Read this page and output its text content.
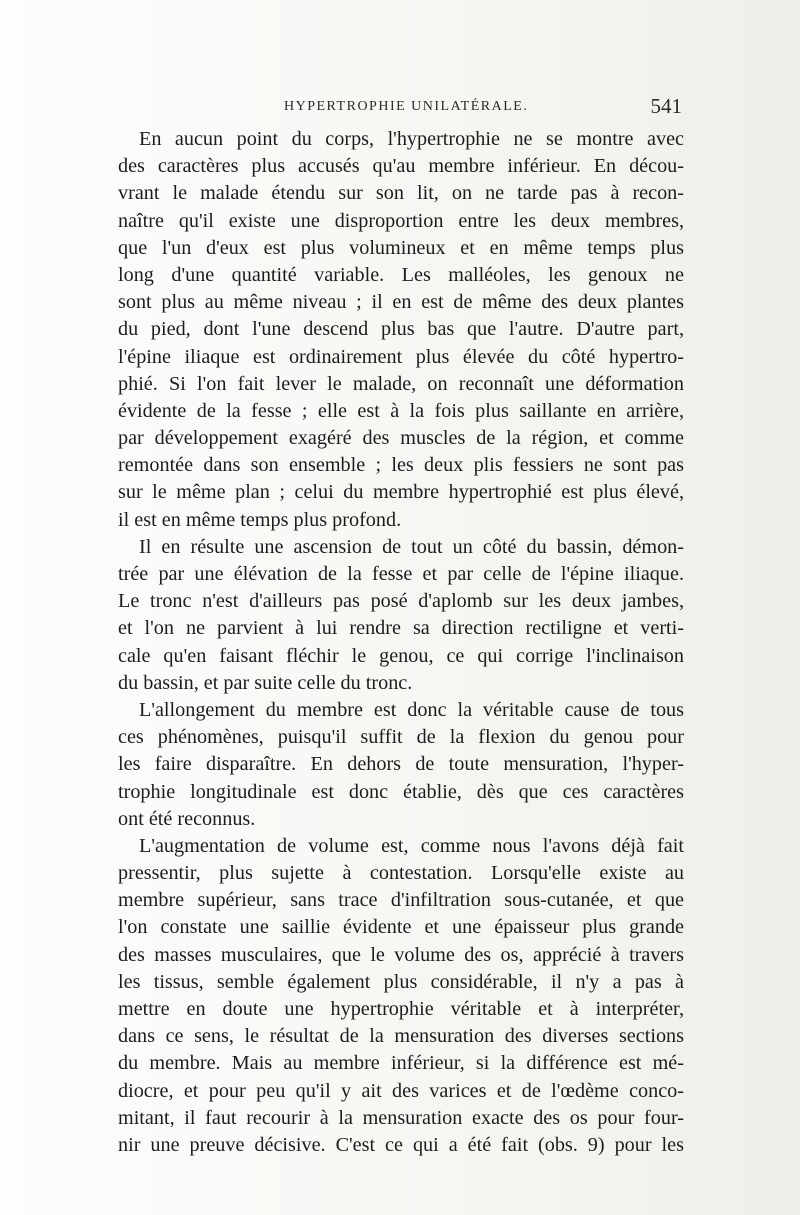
HYPERTROPHIE UNILATÉRALE.	541
En aucun point du corps, l'hypertrophie ne se montre avec
des caractères plus accusés qu'au membre inférieur. En décou-
vrant le malade étendu sur son lit, on ne tarde pas à recon-
naître qu'il existe une disproportion entre les deux membres,
que l'un d'eux est plus volumineux et en même temps plus
long d'une quantité variable. Les malléoles, les genoux ne
sont plus au même niveau ; il en est de même des deux plantes
du pied, dont l'une descend plus bas que l'autre. D'autre part,
l'épine iliaque est ordinairement plus élevée du côté hypertro-
phié. Si l'on fait lever le malade, on reconnaît une déformation
évidente de la fesse ; elle est à la fois plus saillante en arrière,
par développement exagéré des muscles de la région, et comme
remontée dans son ensemble ; les deux plis fessiers ne sont pas
sur le même plan ; celui du membre hypertrophié est plus élevé,
il est en même temps plus profond.
Il en résulte une ascension de tout un côté du bassin, démon-
trée par une élévation de la fesse et par celle de l'épine iliaque.
Le tronc n'est d'ailleurs pas posé d'aplomb sur les deux jambes,
et l'on ne parvient à lui rendre sa direction rectiligne et verti-
cale qu'en faisant fléchir le genou, ce qui corrige l'inclinaison
du bassin, et par suite celle du tronc.
L'allongement du membre est donc la véritable cause de tous
ces phénomènes, puisqu'il suffit de la flexion du genou pour
les faire disparaître. En dehors de toute mensuration, l'hyper-
trophie longitudinale est donc établie, dès que ces caractères
ont été reconnus.
L'augmentation de volume est, comme nous l'avons déjà fait
pressentir, plus sujette à contestation. Lorsqu'elle existe au
membre supérieur, sans trace d'infiltration sous-cutanée, et que
l'on constate une saillie évidente et une épaisseur plus grande
des masses musculaires, que le volume des os, apprécié à travers
les tissus, semble également plus considérable, il n'y a pas à
mettre en doute une hypertrophie véritable et à interpréter,
dans ce sens, le résultat de la mensuration des diverses sections
du membre. Mais au membre inférieur, si la différence est mé-
diocre, et pour peu qu'il y ait des varices et de l'œdème conco-
mitant, il faut recourir à la mensuration exacte des os pour four-
nir une preuve décisive. C'est ce qui a été fait (obs. 9) pour les
